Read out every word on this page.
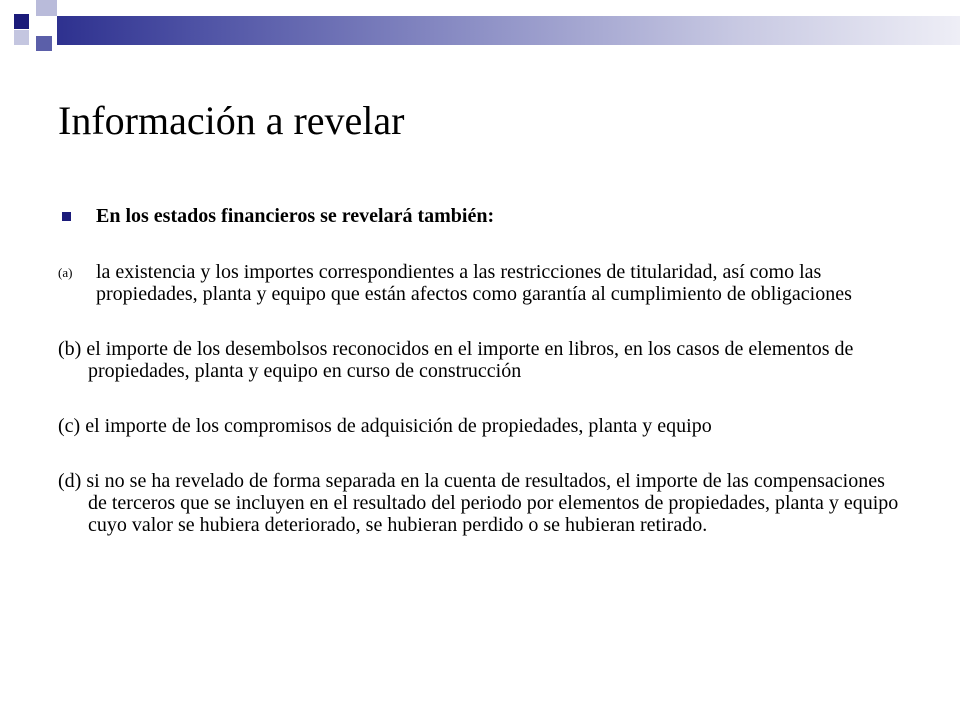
Información a revelar
En los estados financieros se revelará también:
(a) la existencia y los importes correspondientes a las restricciones de titularidad, así como las propiedades, planta y equipo que están afectos como garantía al cumplimiento de obligaciones
(b) el importe de los desembolsos reconocidos en el importe en libros, en los casos de elementos de propiedades, planta y equipo en curso de construcción
(c) el importe de los compromisos de adquisición de propiedades, planta y equipo
(d) si no se ha revelado de forma separada en la cuenta de resultados, el importe de las compensaciones de terceros que se incluyen en el resultado del periodo por elementos de propiedades, planta y equipo cuyo valor se hubiera deteriorado, se hubieran perdido o se hubieran retirado.
